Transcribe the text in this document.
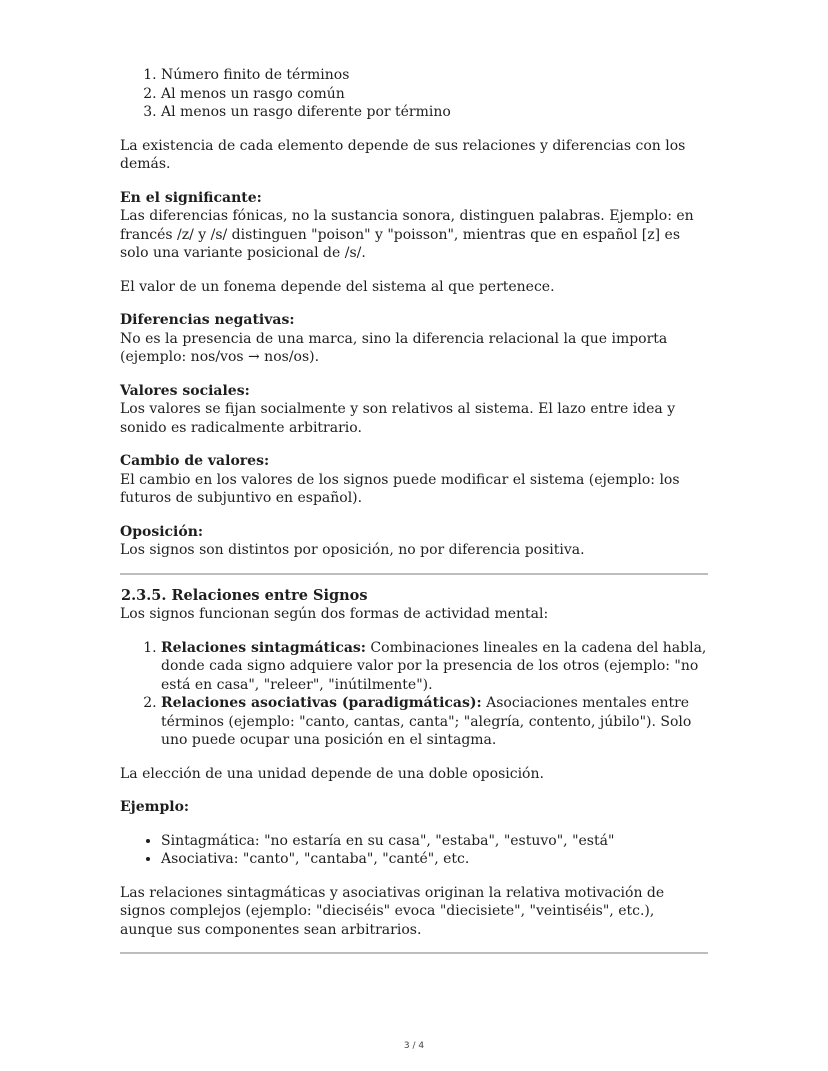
1. Número finito de términos
2. Al menos un rasgo común
3. Al menos un rasgo diferente por término

La existencia de cada elemento depende de sus relaciones y diferencias con los demás.

En el significante:
Las diferencias fónicas, no la sustancia sonora, distinguen palabras. Ejemplo: en francés /z/ y /s/ distinguen "poison" y "poisson", mientras que en español [z] es solo una variante posicional de /s/.

El valor de un fonema depende del sistema al que pertenece.

Diferencias negativas:
No es la presencia de una marca, sino la diferencia relacional la que importa (ejemplo: nos/vos → nos/os).

Valores sociales:
Los valores se fijan socialmente y son relativos al sistema. El lazo entre idea y sonido es radicalmente arbitrario.

Cambio de valores:
El cambio en los valores de los signos puede modificar el sistema (ejemplo: los futuros de subjuntivo en español).

Oposición:
Los signos son distintos por oposición, no por diferencia positiva.

2.3.5. Relaciones entre Signos

Los signos funcionan según dos formas de actividad mental:

1. Relaciones sintagmáticas: Combinaciones lineales en la cadena del habla, donde cada signo adquiere valor por la presencia de los otros (ejemplo: "no está en casa", "releer", "inútilmente").
2. Relaciones asociativas (paradigmáticas): Asociaciones mentales entre términos (ejemplo: "canto, cantas, canta"; "alegría, contento, júbilo"). Solo uno puede ocupar una posición en el sintagma.

La elección de una unidad depende de una doble oposición.

Ejemplo:

• Sintagmática: "no estaría en su casa", "estaba", "estuvo", "está"
• Asociativa: "canto", "cantaba", "canté", etc.

Las relaciones sintagmáticas y asociativas originan la relativa motivación de signos complejos (ejemplo: "dieciséis" evoca "diecisiete", "veintiséis", etc.), aunque sus componentes sean arbitrarios.

3 / 4
